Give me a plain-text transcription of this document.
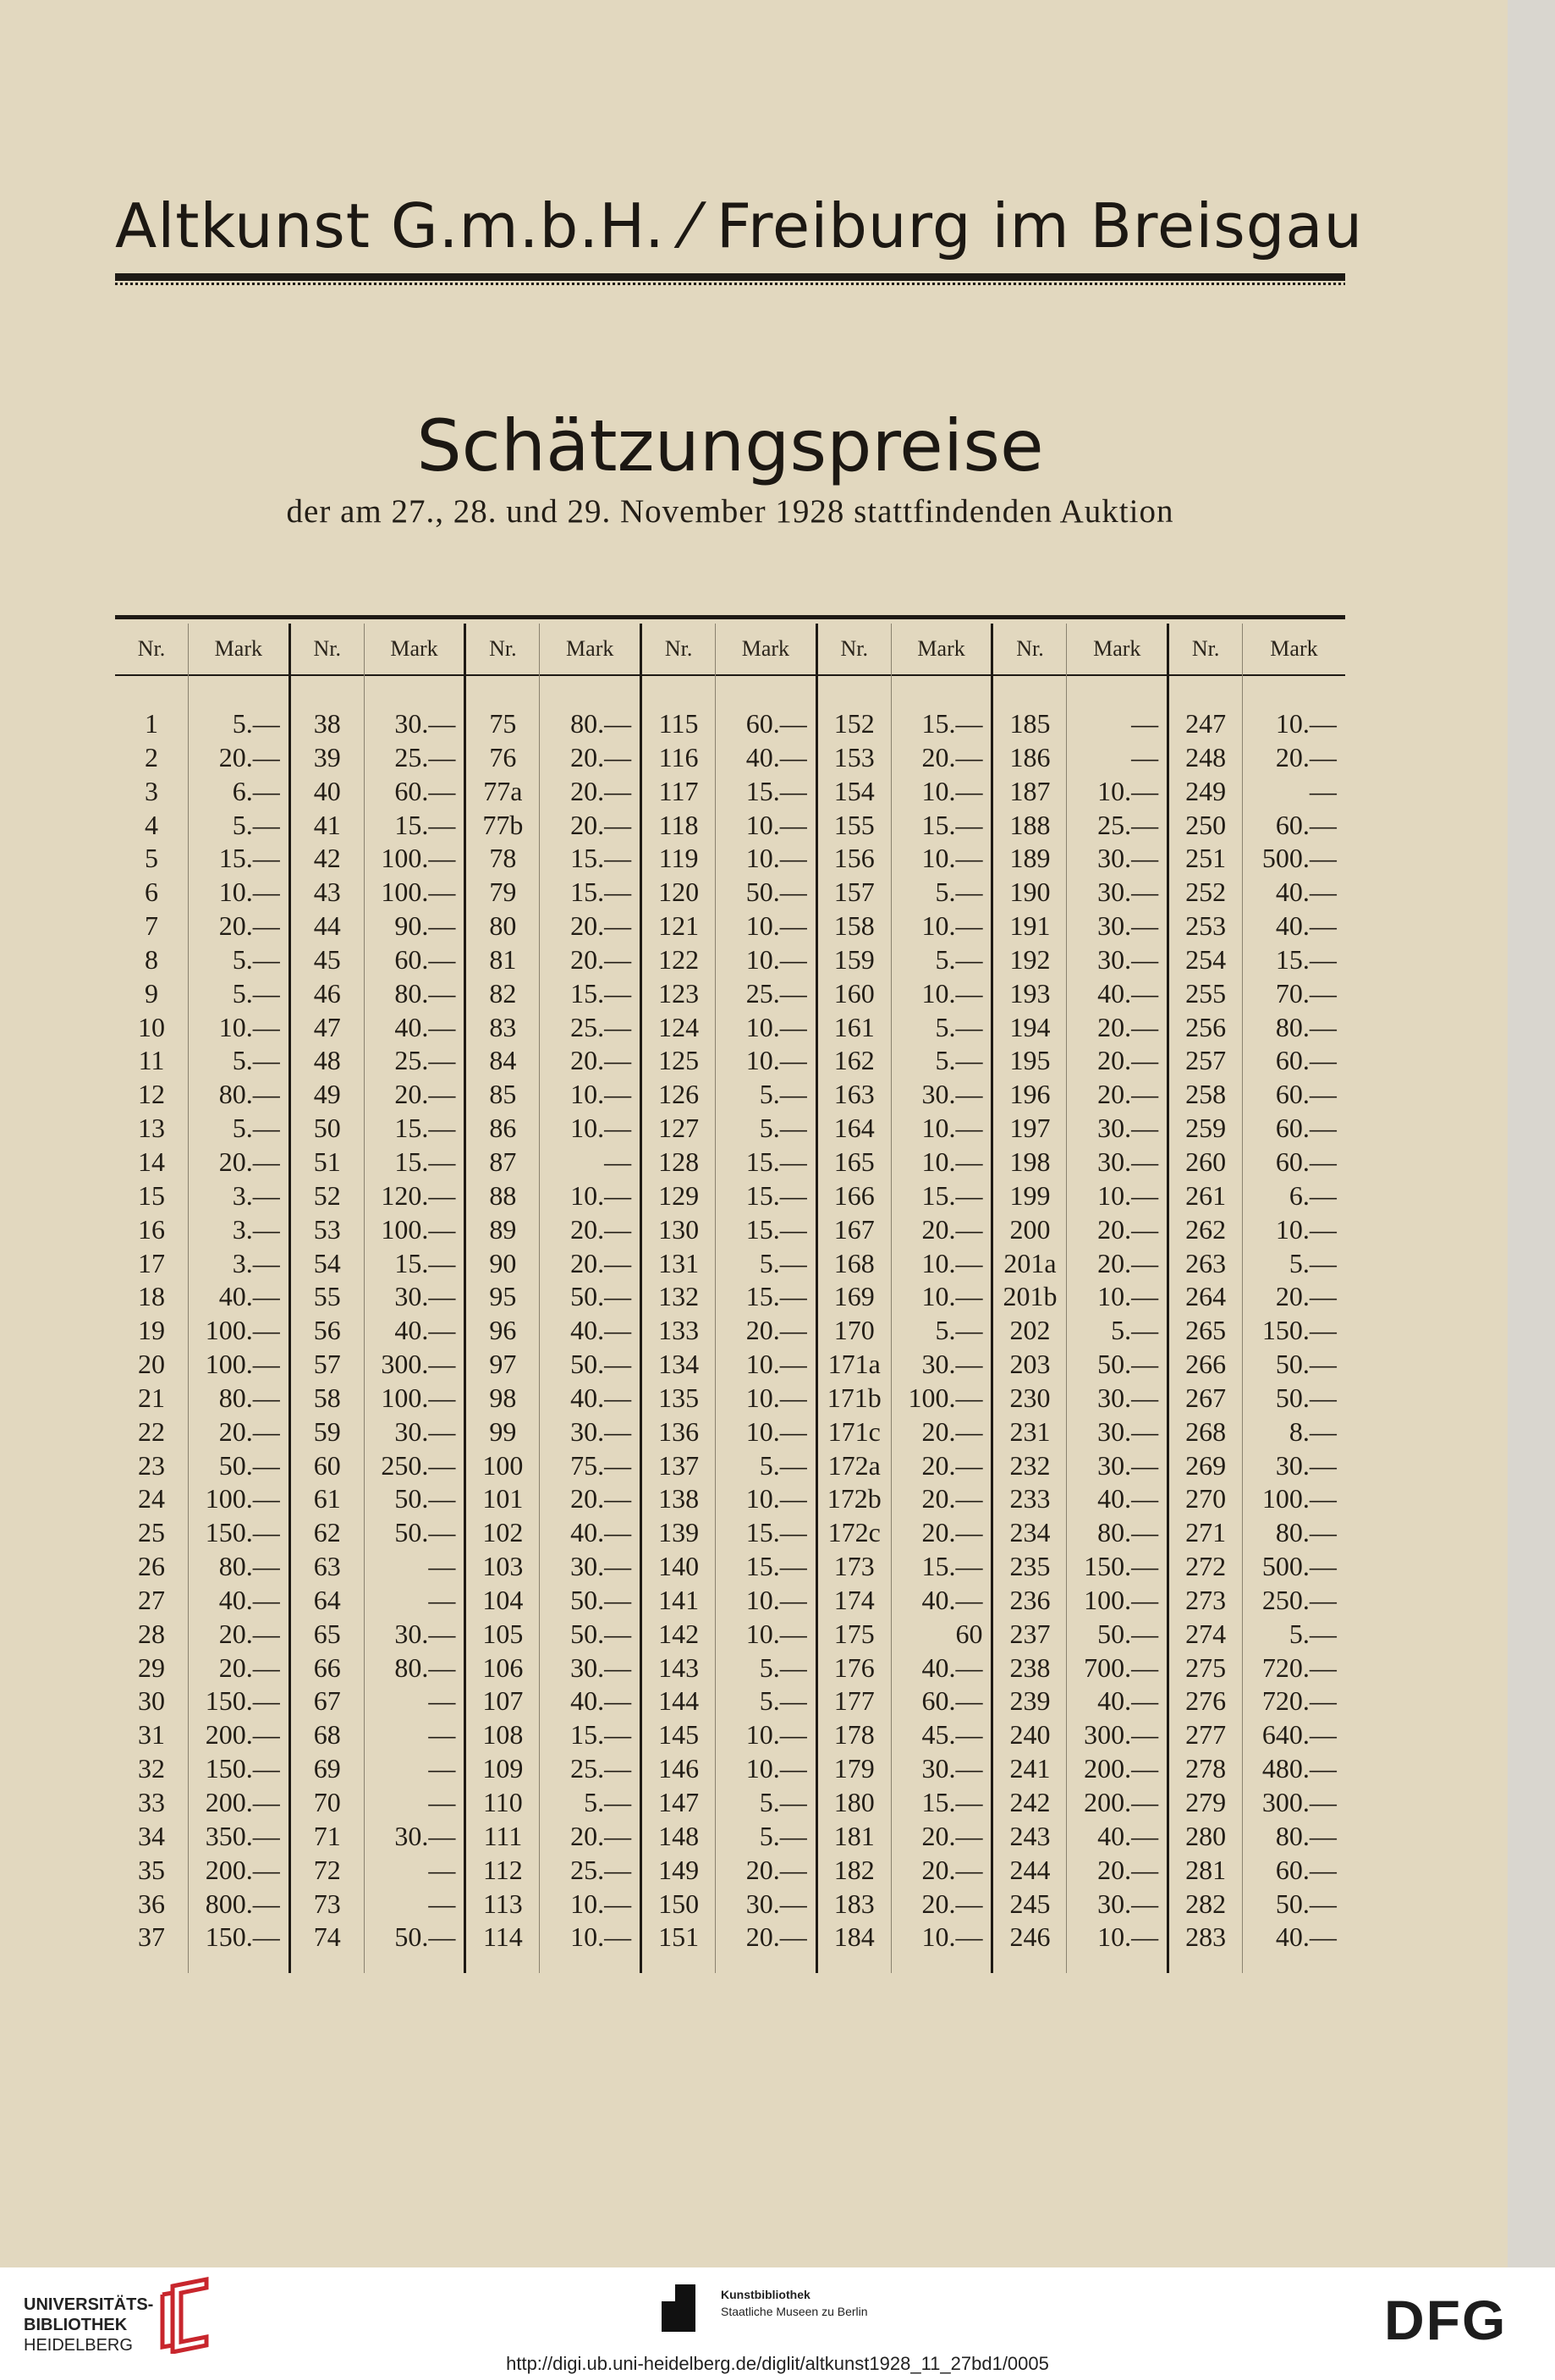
Altkunst G.m.b.H. ⁄ Freiburg im Breisgau
Schätzungspreise
der am 27., 28. und 29. November 1928 stattfindenden Auktion
Nr.
1
2
3
4
5
6
7
8
9
10
11
12
13
14
15
16
17
18
19
20
21
22
23
24
25
26
27
28
29
30
31
32
33
34
35
36
37
Mark
5.—
20.—
6.—
5.—
15.—
10.—
20.—
5.—
5.—
10.—
5.—
80.—
5.—
20.—
3.—
3.—
3.—
40.—
100.—
100.—
80.—
20.—
50.—
100.—
150.—
80.—
40.—
20.—
20.—
150.—
200.—
150.—
200.—
350.—
200.—
800.—
150.—
Nr.
38
39
40
41
42
43
44
45
46
47
48
49
50
51
52
53
54
55
56
57
58
59
60
61
62
63
64
65
66
67
68
69
70
71
72
73
74
Mark
30.—
25.—
60.—
15.—
100.—
100.—
90.—
60.—
80.—
40.—
25.—
20.—
15.—
15.—
120.—
100.—
15.—
30.—
40.—
300.—
100.—
30.—
250.—
50.—
50.—
—
—
30.—
80.—
—
—
—
—
30.—
—
—
50.—
Nr.
75
76
77a
77b
78
79
80
81
82
83
84
85
86
87
88
89
90
95
96
97
98
99
100
101
102
103
104
105
106
107
108
109
110
111
112
113
114
Mark
80.—
20.—
20.—
20.—
15.—
15.—
20.—
20.—
15.—
25.—
20.—
10.—
10.—
—
10.—
20.—
20.—
50.—
40.—
50.—
40.—
30.—
75.—
20.—
40.—
30.—
50.—
50.—
30.—
40.—
15.—
25.—
5.—
20.—
25.—
10.—
10.—
Nr.
115
116
117
118
119
120
121
122
123
124
125
126
127
128
129
130
131
132
133
134
135
136
137
138
139
140
141
142
143
144
145
146
147
148
149
150
151
Mark
60.—
40.—
15.—
10.—
10.—
50.—
10.—
10.—
25.—
10.—
10.—
5.—
5.—
15.—
15.—
15.—
5.—
15.—
20.—
10.—
10.—
10.—
5.—
10.—
15.—
15.—
10.—
10.—
5.—
5.—
10.—
10.—
5.—
5.—
20.—
30.—
20.—
Nr.
152
153
154
155
156
157
158
159
160
161
162
163
164
165
166
167
168
169
170
171a
171b
171c
172a
172b
172c
173
174
175
176
177
178
179
180
181
182
183
184
Mark
15.—
20.—
10.—
15.—
10.—
5.—
10.—
5.—
10.—
5.—
5.—
30.—
10.—
10.—
15.—
20.—
10.—
10.—
5.—
30.—
100.—
20.—
20.—
20.—
20.—
15.—
40.—
60
40.—
60.—
45.—
30.—
15.—
20.—
20.—
20.—
10.—
Nr.
185
186
187
188
189
190
191
192
193
194
195
196
197
198
199
200
201a
201b
202
203
230
231
232
233
234
235
236
237
238
239
240
241
242
243
244
245
246
Mark
—
—
10.—
25.—
30.—
30.—
30.—
30.—
40.—
20.—
20.—
20.—
30.—
30.—
10.—
20.—
20.—
10.—
5.—
50.—
30.—
30.—
30.—
40.—
80.—
150.—
100.—
50.—
700.—
40.—
300.—
200.—
200.—
40.—
20.—
30.—
10.—
Nr.
247
248
249
250
251
252
253
254
255
256
257
258
259
260
261
262
263
264
265
266
267
268
269
270
271
272
273
274
275
276
277
278
279
280
281
282
283
Mark
10.—
20.—
—
60.—
500.—
40.—
40.—
15.—
70.—
80.—
60.—
60.—
60.—
60.—
6.—
10.—
5.—
20.—
150.—
50.—
50.—
8.—
30.—
100.—
80.—
500.—
250.—
5.—
720.—
720.—
640.—
480.—
300.—
80.—
60.—
50.—
40.—
UNIVERSITÄTS-
BIBLIOTHEK
HEIDELBERG
Kunstbibliothek
Staatliche Museen zu Berlin	DFG
http://digi.ub.uni-heidelberg.de/diglit/altkunst1928_11_27bd1/0005
